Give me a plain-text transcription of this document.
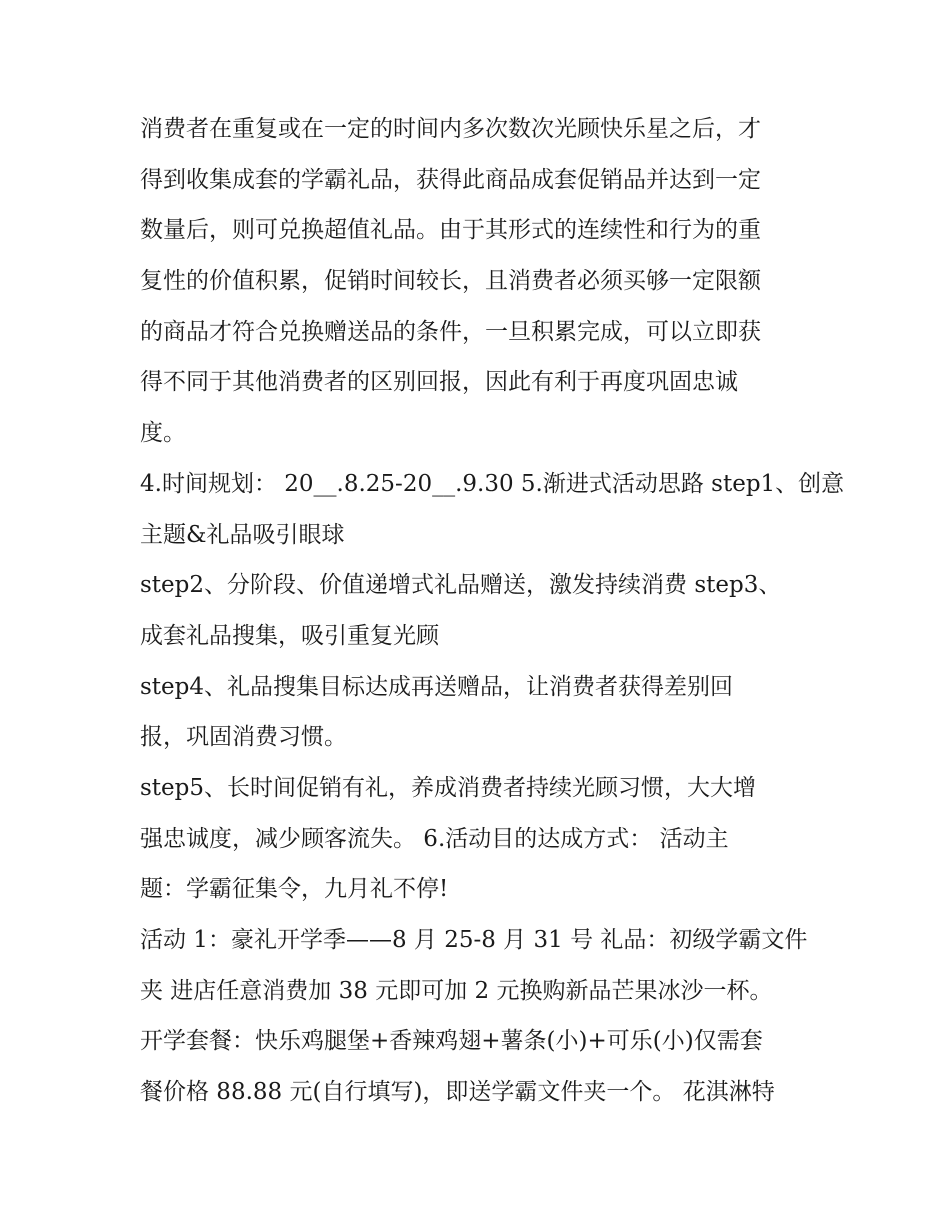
消费者在重复或在一定的时间内多次数次光顾快乐星之后，才
得到收集成套的学霸礼品，获得此商品成套促销品并达到一定
数量后，则可兑换超值礼品。由于其形式的连续性和行为的重
复性的价值积累，促销时间较长，且消费者必须买够一定限额
的商品才符合兑换赠送品的条件，一旦积累完成，可以立即获
得不同于其他消费者的区别回报，因此有利于再度巩固忠诚
度。
4.时间规划： 20__.8.25-20__.9.30 5.渐进式活动思路 step1、创意
主题&礼品吸引眼球
step2、分阶段、价值递增式礼品赠送，激发持续消费 step3、
成套礼品搜集，吸引重复光顾
step4、礼品搜集目标达成再送赠品，让消费者获得差别回
报，巩固消费习惯。
step5、长时间促销有礼，养成消费者持续光顾习惯，大大增
强忠诚度，减少顾客流失。 6.活动目的达成方式： 活动主
题：学霸征集令，九月礼不停!
活动 1：豪礼开学季——8 月 25-8 月 31 号 礼品：初级学霸文件
夹 进店任意消费加 38 元即可加 2 元换购新品芒果冰沙一杯。
开学套餐：快乐鸡腿堡+香辣鸡翅+薯条(小)+可乐(小)仅需套
餐价格 88.88 元(自行填写)，即送学霸文件夹一个。 花淇淋特
